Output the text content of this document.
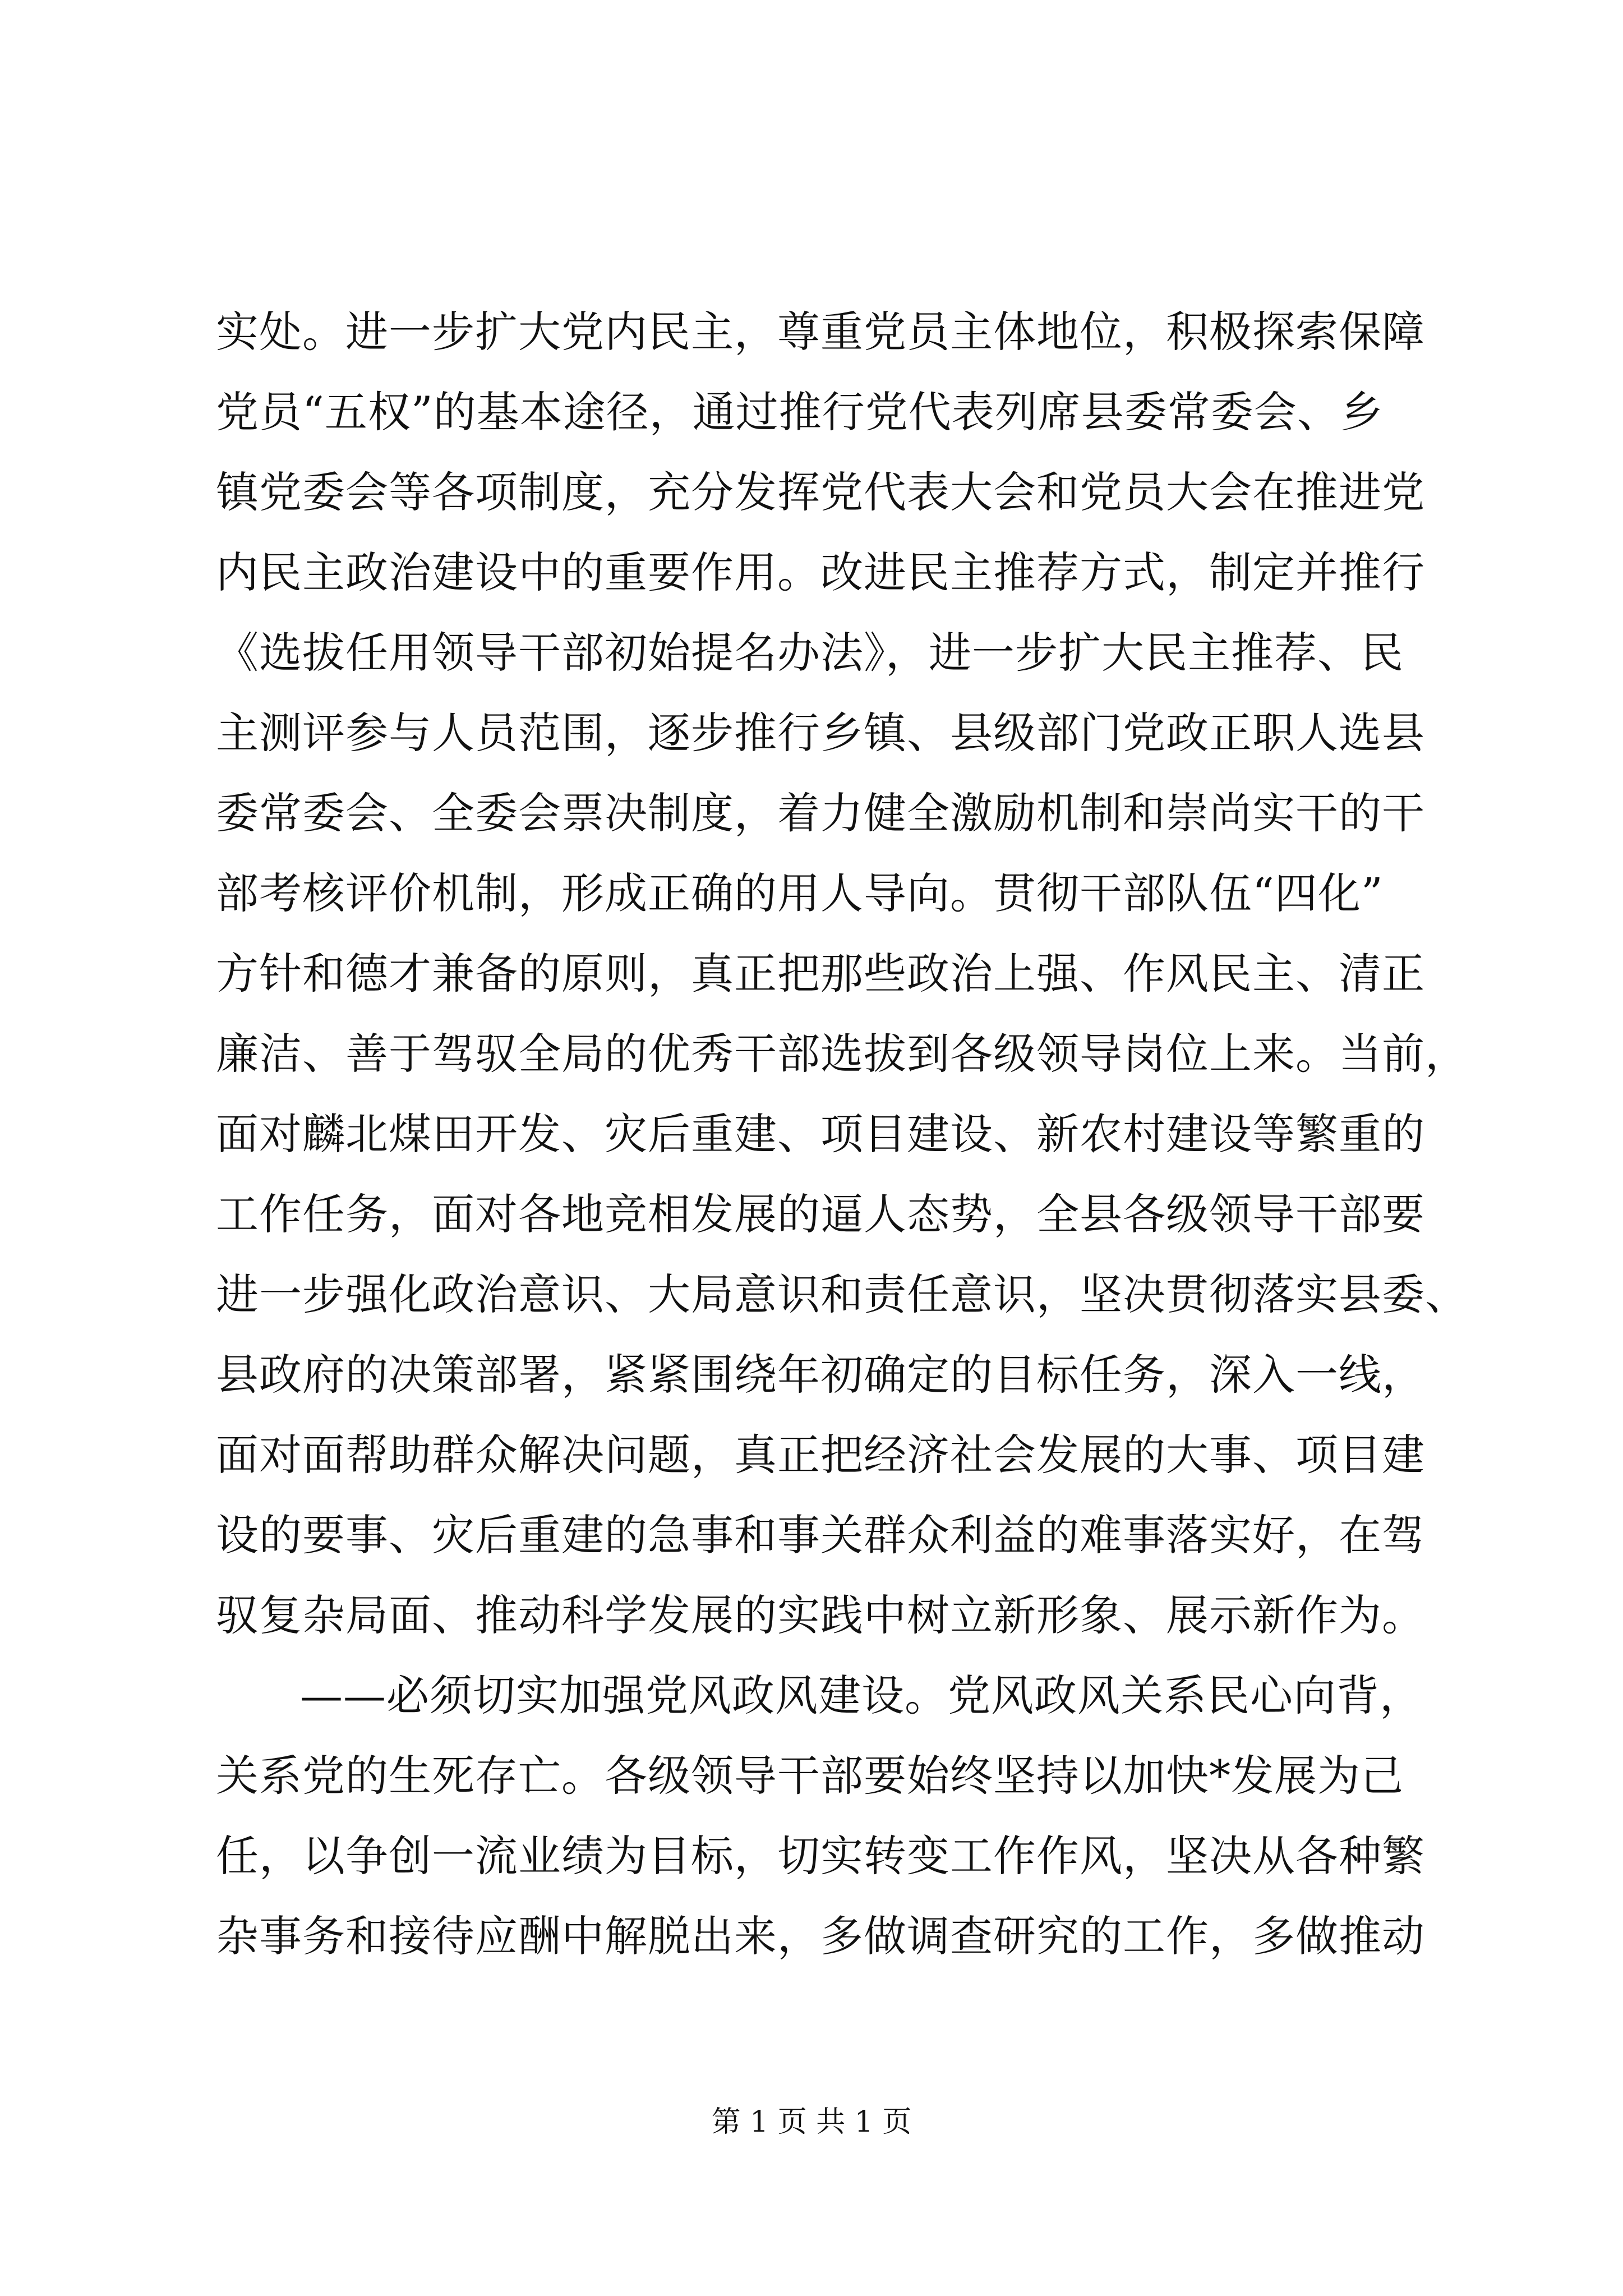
实处。进一步扩大党内民主，尊重党员主体地位，积极探索保障
党员“五权”的基本途径，通过推行党代表列席县委常委会、乡
镇党委会等各项制度，充分发挥党代表大会和党员大会在推进党
内民主政治建设中的重要作用。改进民主推荐方式，制定并推行
《选拔任用领导干部初始提名办法》，进一步扩大民主推荐、民
主测评参与人员范围，逐步推行乡镇、县级部门党政正职人选县
委常委会、全委会票决制度，着力健全激励机制和崇尚实干的干
部考核评价机制，形成正确的用人导向。贯彻干部队伍“四化”
方针和德才兼备的原则，真正把那些政治上强、作风民主、清正
廉洁、善于驾驭全局的优秀干部选拔到各级领导岗位上来。当前，
面对麟北煤田开发、灾后重建、项目建设、新农村建设等繁重的
工作任务，面对各地竞相发展的逼人态势，全县各级领导干部要
进一步强化政治意识、大局意识和责任意识，坚决贯彻落实县委、
县政府的决策部署，紧紧围绕年初确定的目标任务，深入一线，
面对面帮助群众解决问题，真正把经济社会发展的大事、项目建
设的要事、灾后重建的急事和事关群众利益的难事落实好，在驾
驭复杂局面、推动科学发展的实践中树立新形象、展示新作为。
——必须切实加强党风政风建设。党风政风关系民心向背，
关系党的生死存亡。各级领导干部要始终坚持以加快*发展为己
任，以争创一流业绩为目标，切实转变工作作风，坚决从各种繁
杂事务和接待应酬中解脱出来，多做调查研究的工作，多做推动
第 1 页 共 1 页
